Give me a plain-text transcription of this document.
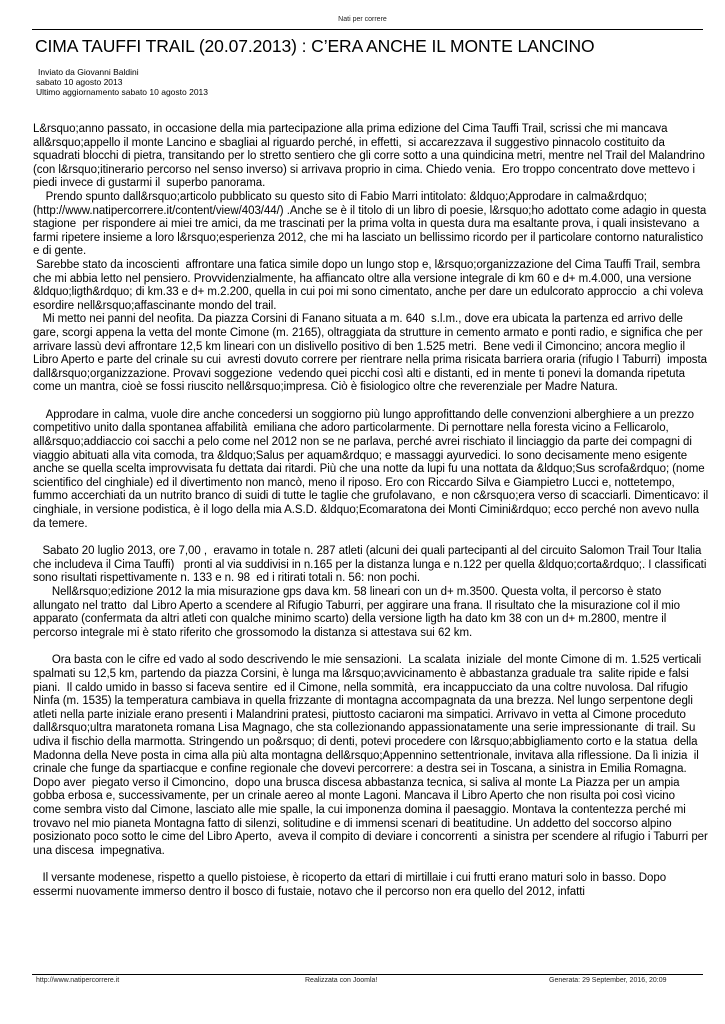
Nati per correre
CIMA TAUFFI TRAIL (20.07.2013) : C’ERA ANCHE IL MONTE LANCINO
Inviato da Giovanni Baldini
sabato 10 agosto 2013
Ultimo aggiornamento sabato 10 agosto 2013

L&rsquo;anno passato, in occasione della mia partecipazione alla prima edizione del Cima Tauffi Trail, scrissi che mi mancava all&rsquo;appello il monte Lancino e sbagliai al riguardo perché, in effetti,  si accarezzava il suggestivo pinnacolo costituito da squadrati blocchi di pietra, transitando per lo stretto sentiero che gli corre sotto a una quindicina metri, mentre nel Trail del Malandrino (con l&rsquo;itinerario percorso nel senso inverso) si arrivava proprio in cima. Chiedo venia.  Ero troppo concentrato dove mettevo i piedi invece di gustarmi il  superbo panorama.

Prendo spunto dall&rsquo;articolo pubblicato su questo sito di Fabio Marri intitolato: &ldquo;Approdare in calma&rdquo;  (http://www.natipercorrere.it/content/view/403/44/) .Anche se è il titolo di un libro di poesie, l&rsquo;ho adottato come adagio in questa stagione  per rispondere ai miei tre amici, da me trascinati per la prima volta in questa dura ma esaltante prova, i quali insistevano  a farmi ripetere insieme a loro l&rsquo;esperienza 2012, che mi ha lasciato un bellissimo ricordo per il particolare contorno naturalistico e di gente.

Sarebbe stato da incoscienti  affrontare una fatica simile dopo un lungo stop e, l&rsquo;organizzazione del Cima Tauffi Trail, sembra che mi abbia letto nel pensiero. Provvidenzialmente, ha affiancato oltre alla versione integrale di km 60 e d+ m.4.000, una versione &ldquo;ligth&rdquo; di km.33 e d+ m.2.200, quella in cui poi mi sono cimentato, anche per dare un edulcorato approccio  a chi voleva esordire nell&rsquo;affascinante mondo del trail.

Mi metto nei panni del neofita. Da piazza Corsini di Fanano situata a m. 640  s.l.m., dove era ubicata la partenza ed arrivo delle gare, scorgi appena la vetta del monte Cimone (m. 2165), oltraggiata da strutture in cemento armato e ponti radio, e significa che per arrivare lassù devi affrontare 12,5 km lineari con un dislivello positivo di ben 1.525 metri.  Bene vedi il Cimoncino; ancora meglio il Libro Aperto e parte del crinale su cui  avresti dovuto correre per rientrare nella prima risicata barriera oraria (rifugio I Taburri)  imposta dall&rsquo;organizzazione. Provavi soggezione  vedendo quei picchi così alti e distanti, ed in mente ti ponevi la domanda ripetuta come un mantra, cioè se fossi riuscito nell&rsquo;impresa. Ciò è fisiologico oltre che reverenziale per Madre Natura.

Approdare in calma, vuole dire anche concedersi un soggiorno più lungo approfittando delle convenzioni alberghiere a un prezzo competitivo unito dalla spontanea affabilità  emiliana che adoro particolarmente. Di pernottare nella foresta vicino a Fellicarolo,  all&rsquo;addiaccio coi sacchi a pelo come nel 2012 non se ne parlava, perché avrei rischiato il linciaggio da parte dei compagni di viaggio abituati alla vita comoda, tra &ldquo;Salus per aquam&rdquo; e massaggi ayurvedici. Io sono decisamente meno esigente anche se quella scelta improvvisata fu dettata dai ritardi. Più che una notte da lupi fu una nottata da &ldquo;Sus scrofa&rdquo; (nome scientifico del cinghiale) ed il divertimento non mancò, meno il riposo. Ero con Riccardo Silva e Giampietro Lucci e, nottetempo, fummo accerchiati da un nutrito branco di suidi di tutte le taglie che grufolavano,  e non c&rsquo;era verso di scacciarli. Dimenticavo: il cinghiale, in versione podistica, è il logo della mia A.S.D. &ldquo;Ecomaratona dei Monti Cimini&rdquo; ecco perché non avevo nulla da temere.

Sabato 20 luglio 2013, ore 7,00 ,  eravamo in totale n. 287 atleti (alcuni dei quali partecipanti al del circuito Salomon Trail Tour Italia che includeva il Cima Tauffi)   pronti al via suddivisi in n.165 per la distanza lunga e n.122 per quella &ldquo;corta&rdquo;. I classificati sono risultati rispettivamente n. 133 e n. 98  ed i ritirati totali n. 56: non pochi.

Nell&rsquo;edizione 2012 la mia misurazione gps dava km. 58 lineari con un d+ m.3500. Questa volta, il percorso è stato allungato nel tratto  dal Libro Aperto a scendere al Rifugio Taburri, per aggirare una frana. Il risultato che la misurazione col il mio apparato (confermata da altri atleti con qualche minimo scarto) della versione ligth ha dato km 38 con un d+ m.2800, mentre il percorso integrale mi è stato riferito che grossomodo la distanza si attestava sui 62 km.

Ora basta con le cifre ed vado al sodo descrivendo le mie sensazioni.  La scalata  iniziale  del monte Cimone di m. 1.525 verticali spalmati su 12,5 km, partendo da piazza Corsini, è lunga ma l&rsquo;avvicinamento è abbastanza graduale tra  salite ripide e falsi piani.  Il caldo umido in basso si faceva sentire  ed il Cimone, nella sommità,  era incappucciato da una coltre nuvolosa. Dal rifugio Ninfa (m. 1535) la temperatura cambiava in quella frizzante di montagna accompagnata da una brezza. Nel lungo serpentone degli atleti nella parte iniziale erano presenti i Malandrini pratesi, piuttosto caciaroni ma simpatici. Arrivavo in vetta al Cimone proceduto dall&rsquo;ultra maratoneta romana Lisa Magnago, che sta collezionando appassionatamente una serie impressionante  di trail. Su udiva il fischio della marmotta. Stringendo un po&rsquo; di denti, potevi procedere con l&rsquo;abbigliamento corto e la statua  della Madonna della Neve posta in cima alla più alta montagna dell&rsquo;Appennino settentrionale, invitava alla riflessione. Da lì inizia  il crinale che funge da spartiacque e confine regionale che dovevi percorrere: a destra sei in Toscana, a sinistra in Emilia Romagna. Dopo aver  piegato verso il Cimoncino,  dopo una brusca discesa abbastanza tecnica, si saliva al monte La Piazza per un ampia gobba erbosa e, successivamente, per un crinale aereo al monte Lagoni. Mancava il Libro Aperto che non risulta poi così vicino  come sembra visto dal Cimone, lasciato alle mie spalle, la cui imponenza domina il paesaggio. Montava la contentezza perché mi trovavo nel mio pianeta Montagna fatto di silenzi, solitudine e di immensi scenari di beatitudine. Un addetto del soccorso alpino posizionato poco sotto le cime del Libro Aperto,  aveva il compito di deviare i concorrenti  a sinistra per scendere al rifugio i Taburri per una discesa  impegnativa.

Il versante modenese, rispetto a quello pistoiese, è ricoperto da ettari di mirtillaie i cui frutti erano maturi solo in basso. Dopo essermi nuovamente immerso dentro il bosco di fustaie, notavo che il percorso non era quello del 2012, infatti

http://www.natipercorrere.it	Realizzata con Joomla!	Generata: 29 September, 2016, 20:09
